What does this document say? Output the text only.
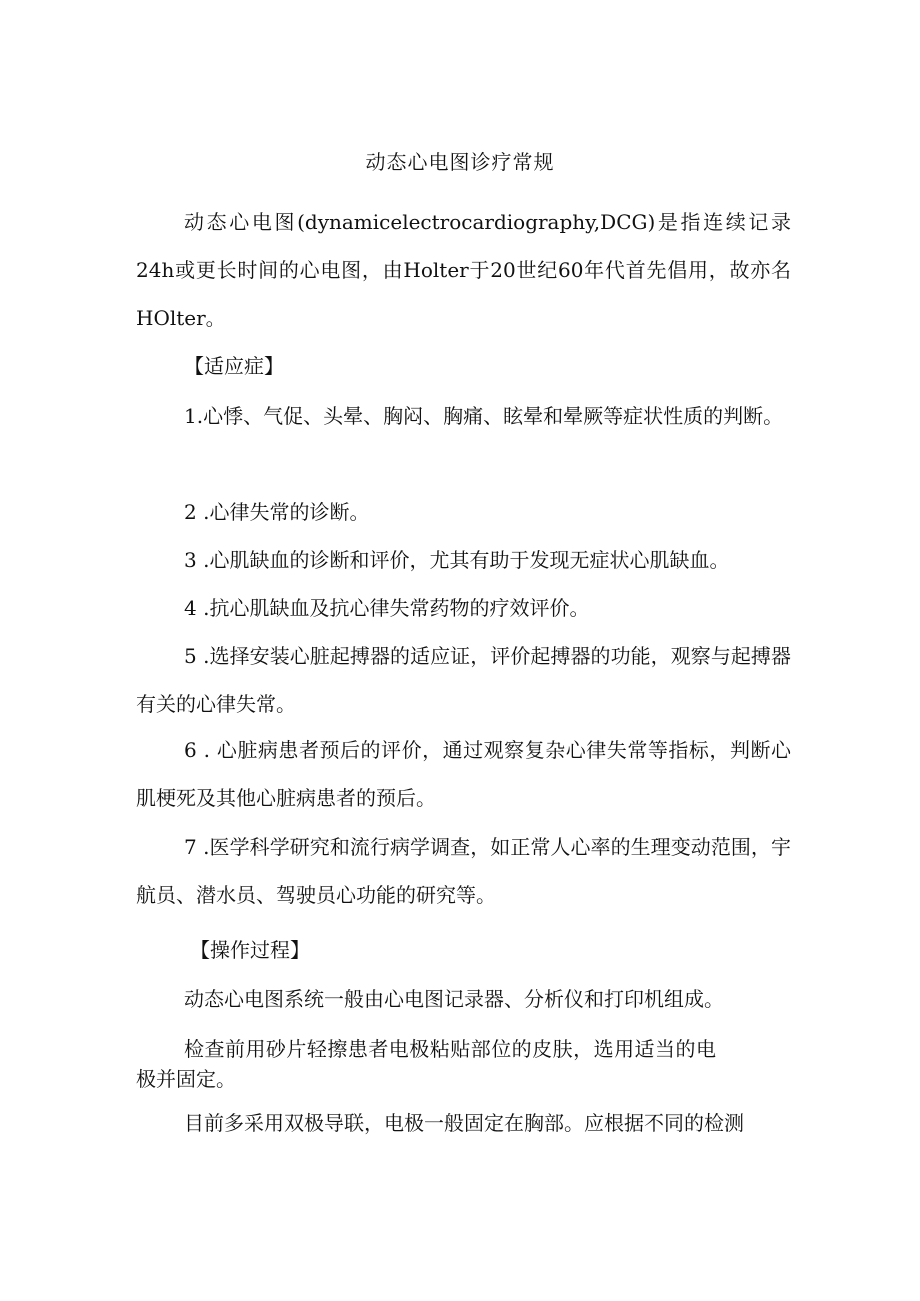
动态心电图诊疗常规

动态心电图(dynamicelectrocardiography,DCG)是指连续记录24h或更长时间的心电图，由Holter于20世纪60年代首先倡用，故亦名HOlter。

【适应症】

1.心悸、气促、头晕、胸闷、胸痛、眩晕和晕厥等症状性质的判断。

2 .心律失常的诊断。

3 .心肌缺血的诊断和评价，尤其有助于发现无症状心肌缺血。

4 .抗心肌缺血及抗心律失常药物的疗效评价。

5 .选择安装心脏起搏器的适应证，评价起搏器的功能，观察与起搏器有关的心律失常。

6 . 心脏病患者预后的评价，通过观察复杂心律失常等指标，判断心肌梗死及其他心脏病患者的预后。

7 .医学科学研究和流行病学调查，如正常人心率的生理变动范围，宇航员、潜水员、驾驶员心功能的研究等。

【操作过程】

动态心电图系统一般由心电图记录器、分析仪和打印机组成。

检查前用砂片轻擦患者电极粘贴部位的皮肤，选用适当的电极并固定。

目前多采用双极导联，电极一般固定在胸部。应根据不同的检测
